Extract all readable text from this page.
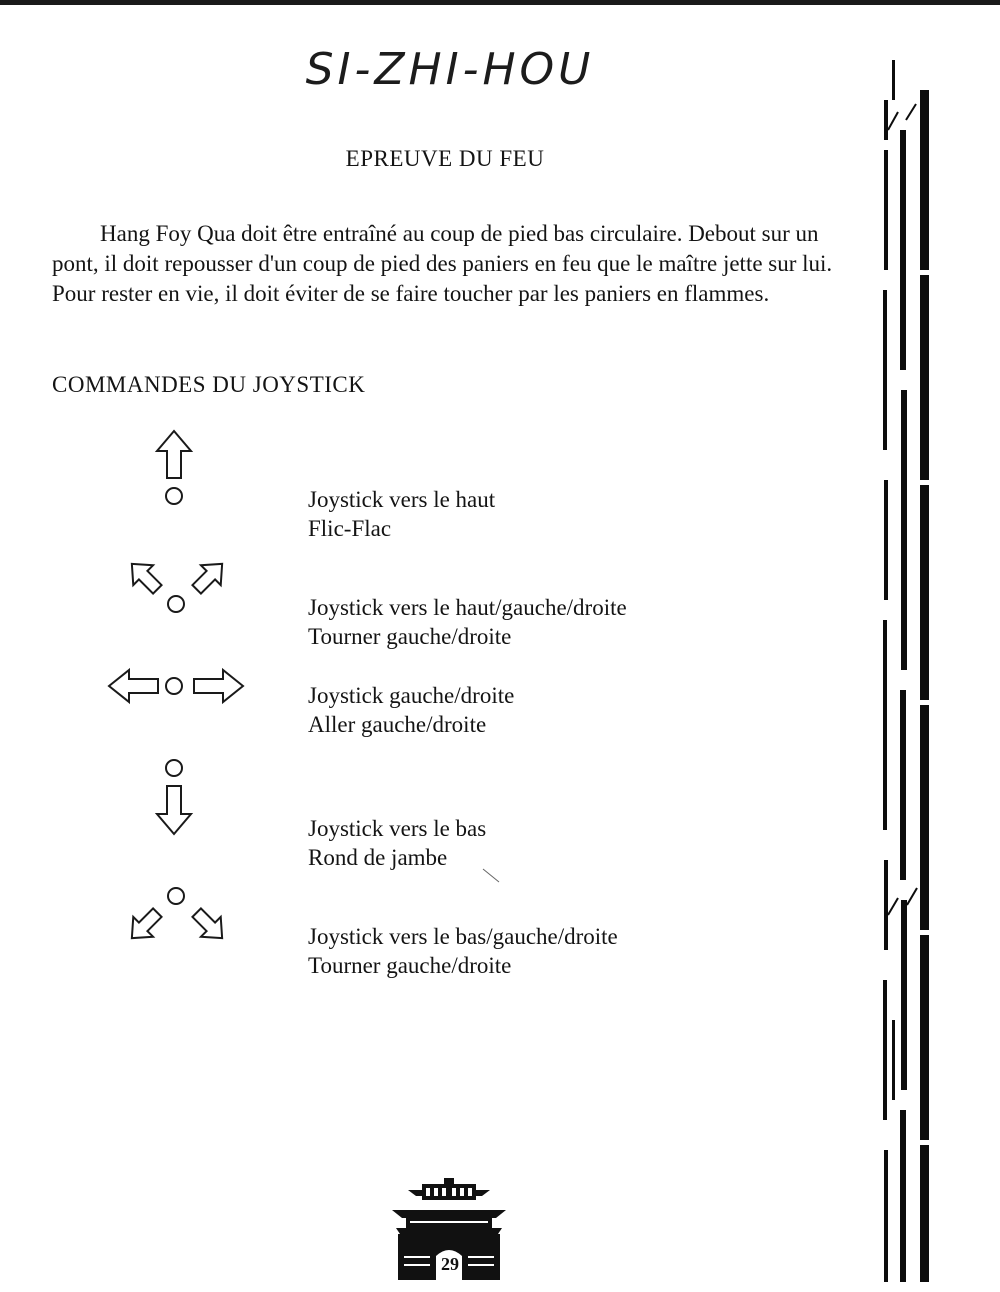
SI-ZHI-HOU
EPREUVE DU FEU

Hang Foy Qua doit être entraîné au coup de pied bas circulaire. Debout sur un pont, il doit repousser d'un coup de pied des paniers en feu que le maître jette sur lui. Pour rester en vie, il doit éviter de se faire toucher par les paniers en flammes.

COMMANDES DU JOYSTICK
Joystick vers le haut
Flic-Flac
Joystick vers le haut/gauche/droite
Tourner gauche/droite
Joystick gauche/droite
Aller gauche/droite
Joystick vers le bas
Rond de jambe
Joystick vers le bas/gauche/droite
Tourner gauche/droite
29
